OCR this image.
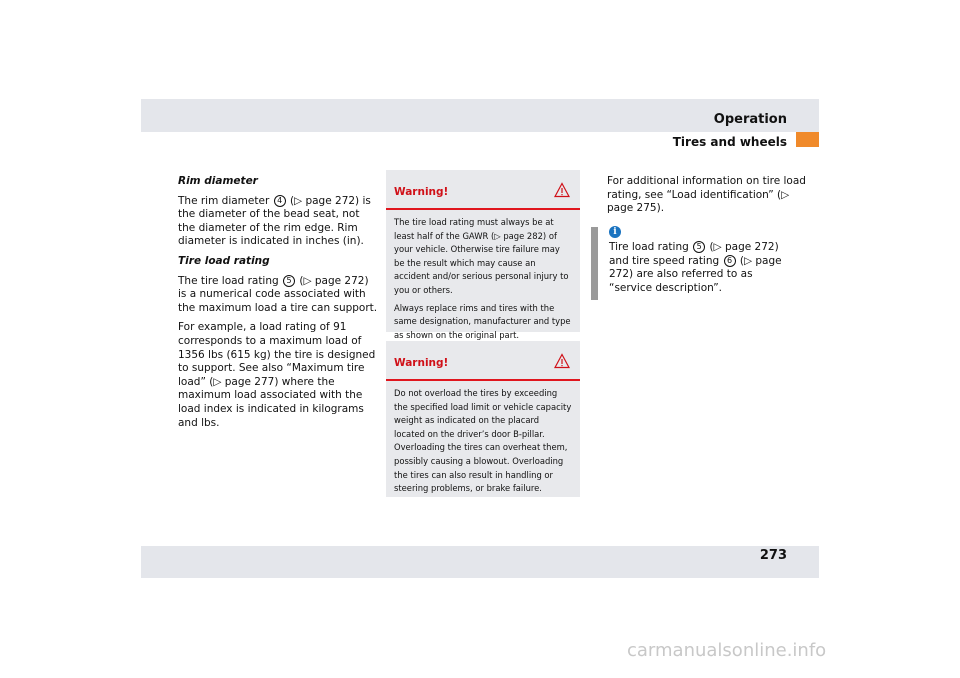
Operation
Tires and wheels

Rim diameter

The rim diameter 4 (▷ page 272) is the diameter of the bead seat, not the diameter of the rim edge. Rim diameter is indicated in inches (in).

Tire load rating

The tire load rating 5 (▷ page 272) is a numerical code associated with the maximum load a tire can support.

For example, a load rating of 91 corresponds to a maximum load of 1356 lbs (615 kg) the tire is designed to support. See also “Maximum tire load” (▷ page 277) where the maximum load associated with the load index is indicated in kilograms and lbs.

Warning!

The tire load rating must always be at least half of the GAWR (▷ page 282) of your vehicle. Otherwise tire failure may be the result which may cause an accident and/or serious personal injury to you or others.

Always replace rims and tires with the same designation, manufacturer and type as shown on the original part.

Warning!

Do not overload the tires by exceeding the specified load limit or vehicle capacity weight as indicated on the placard located on the driver’s door B-pillar. Overloading the tires can overheat them, possibly causing a blowout. Overloading the tires can also result in handling or steering problems, or brake failure.

For additional information on tire load rating, see “Load identification” (▷ page 275).

i
Tire load rating 5 (▷ page 272) and tire speed rating 6 (▷ page 272) are also referred to as “service description”.
273
carmanualsonline.info
